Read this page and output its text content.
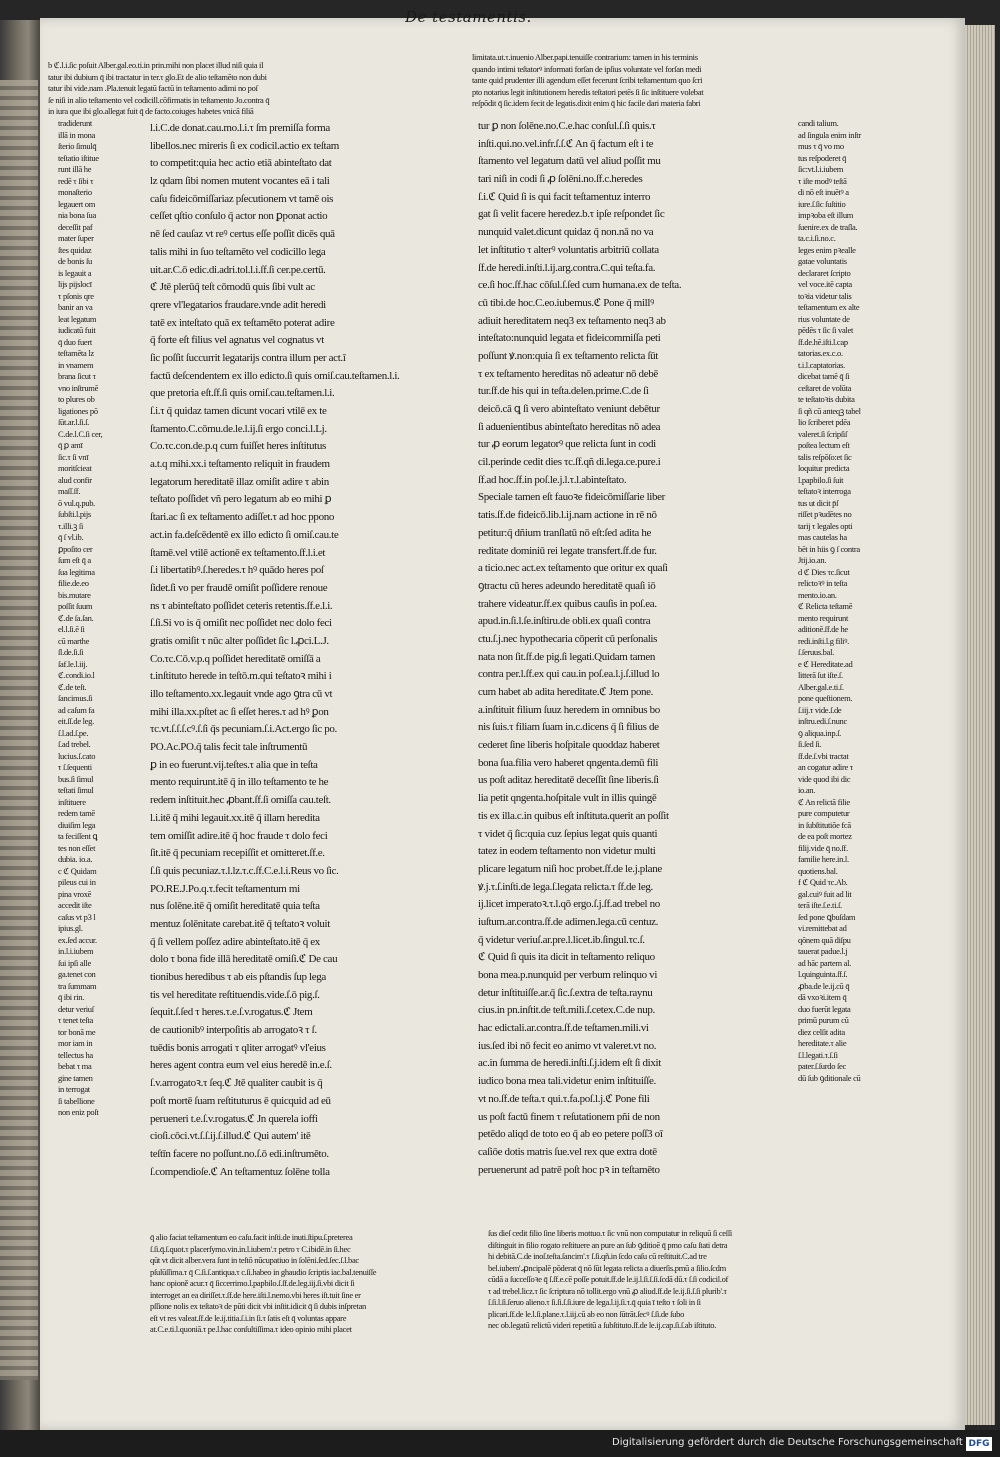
De testamentis.
b ℭ.l.i.ſic poſuit Alber.gal.eo.ti.in prin.mihi non placet illud niſi quia il
tatur ibi dubium q̄ ibi tractatur in ter.τ glo.Et de alio teſtamēto non dubi
tatur ibi vide.nam .Pla.tenuit legatū factū in teſtamento adimi no poſ
ſe niſi in alio teſtamento vel codicill.cōfirmatis in teſtamento Jo.contra q̄
in iura que ibi glo.allegat fuit q̄ de facto.coiuges habetes vnicā filiā
limitata.ut.τ.inuenio Alber.papi.tenuiſſe contrarium: tamen in his terminis
quando intimi teſtatorꝰ informati forſan de ipſius voluntate vel forſan medi
tante quid prudenter illi agendum eſſet fecerunt ſcribi teſtamentum quo ſcri
pto notarius legit inſtitutionem heredis teſtatori petēs ſi ſic inſtituere volebat
reſpōdit q̄ ſic.idem fecit de legatis.dixit enim q̄ hic facile dari materia fabri
tradiderunt
illā in mona
ſterio ſimulq̄
teſtatio iſtitue
runt illā he
redē τ ſibi τ
monaſterio
legauert om
nia bona ſua
deceſſit paf
mater ſuper
ſtes quidaz
de bonis ſu
is legauit a
lijs pijslocī
τ pſonis qre
banir an va
leat legatum
iudicatū fuit
q̄ duo fuert
teſtamēta lz
in vnamem
brana ſicut τ
vno inſtrumē
to plures ob
ligationes pō
ſūt.ar.l.ſi.ſ.
C.de.l.C.ſi cer,
q̄ ꝑ amī
ſic.τ ſi vnī
moritſcieat
alud confir
maſſ.ſf.
ō vul.q.pub.
ſubſti.l.pijs
τ.illi.ꝫ ſi
q̄ ſ vl.ib.
ꝑpoſito cer
ſum eſt q̄ a
ſua legitima
filie.de.eo
bis.mutare
poſſit ſuum
ℭ.de ſa.ſan.
el.l.ſi.ē ſi
cū marthe
ſl.de.ſi.ſi
ſaf.le.l.iij.
ℭ.condi.io.l
ℭ.de teſt.
ſancimus.ſi
ad caſum fa
eit.ſſ.de leg.
ſ.l.ad.ſ.pe.
ſ.ad trebel.
lucius.ſ.cato
τ ſ.ſequenti
bus.ſi ſimul
teſtati ſimul
inſtituere
redem tamē
diuiſim lega
ta feciſſent ꝗ
tes non eſſet
dubia. io.a.
c ℭ Quidam
pileus cui in
pina vroxē
accedit iſte
caſus vt p3 l
ipius.gl.
ex.ſed accur.
in.l.i.iubem
ſui ipſi alle
ga.tenet con
tra ſummam
q̄ ibi rin.
detur veriuſ
τ tenet teſta
tor bonā me
mor iam in
tellectus ha
bebat τ ma
gine tamen
in terrogat
ſi tabellione
non eniz poſt
l.i.C.de donat.cau.mo.l.i.τ ſm premiſſa forma
libellos.nec mireris ſi ex codicil.actio ex teſtam
to competit:quia hec actio etiā abinteſtato dat
lz qdam ſibi nomen mutent vocantes eā i tali
caſu fideicōmiſſariaz pſecutionem vt tamē ois
ceſſet qſtio conſulo q̄ actor non ꝑponat actio
nē ſed cauſaz vt reꝰ certus eſſe poſſit dicēs quā
talis mihi in ſuo teſtamēto vel codicillo lega
uit.ar.C.ō edic.di.adri.tol.l.i.ſf.ſi cer.pe.certū.
ℭ Jtē plerūq̄ teſt cōmodū quis ſibi vult ac
qrere vl'legatarios fraudare.vnde adit heredi
tatē ex inteſtato quā ex teſtamēto poterat adire
q̄ forte eſt filius vel agnatus vel cognatus vt
ſic poſſit ſuccurrit legatarijs contra illum per act.ī
factū deſcendentem ex illo edicto.ſi quis omiſ.cau.teſtamen.l.i.
que pretoria eſt.ſf.ſi quis omiſ.cau.teſtamen.l.i.
ſ.i.τ q̄ quidaz tamen dicunt vocari vtilē ex te
ſtamento.C.cōmu.de.le.l.ij.ſi ergo conci.l.Lj.
Co.τc.con.de.p.q cum fuiſſet heres inſtitutus
a.t.q mihi.xx.i teſtamento reliquit in fraudem
legatorum hereditatē illaz omiſit adire τ abin
teſtato poſſidet vñ pero legatum ab eo mihi ꝑ
ſtari.ac ſi ex teſtamento adiſſet.τ ad hoc ppono
act.in fa.deſcēdentē ex illo edicto ſi omiſ.cau.te
ſtamē.vel vtilē actionē ex teſtamento.ſf.l.i.et
ſ.i libertatibꝰ.ſ.heredes.τ hꝰ quādo heres poſ
ſidet.ſi vo per fraudē omiſit poſſidere renoue
ns τ abinteſtato poſſidet ceteris retentis.ſf.e.l.i.
ſ.ſi.Si vo is q̄ omiſit nec poſſidet nec dolo feci
gratis omiſit τ nūc alter poſſidet ſic l.ꝓci.L.J.
Co.τc.Cō.v.p.q poſſidet hereditatē omiſſā a
t.inſtituto herede in teſtō.m.qui teſtatoꝛ mihi i
illo teſtamento.xx.legauit vnde ago ꝯtra cū vt
mihi illa.xx.pſtet ac ſi eſſet heres.τ ad hꝰ ꝑon
τc.vt.ſ.ſ.ſ.cꝰ.ſ.ſi q̄s pecuniam.ſ.i.Act.ergo ſic po.
PO.Ac.PO.q̄ talis fecit tale inſtrumentū
ꝑ in eo fuerunt.vij.teſtes.τ alia que in teſta
mento requirunt.itē q̄ in illo teſtamento te he
redem inſtituit.hec ꝓbant.ſf.ſi omiſſa cau.teſt.
l.i.itē q̄ mihi legauit.xx.itē q̄ illam heredita
tem omiſſit adire.itē q̄ hoc fraude τ dolo feci
ſit.itē q̄ pecuniam recepiſſit et omitteret.ſf.e.
ſ.ſi quis pecuniaz.τ.l.lz.τ.c.ſf.C.e.l.i.Reus vo ſic.
PO.RE.J.Po.q.τ.fecit teſtamentum mi
nus ſolēne.itē q̄ omiſit hereditatē quia teſta
mentuz ſolēnitate carebat.itē q̄ teſtatoꝛ voluit
q̄ ſi vellem poſſez adire abinteſtato.itē q̄ ex
dolo τ bona fide illā hereditatē omiſi.ℭ De cau
tionibus heredibus τ ab eis pſtandis ſup lega
tis vel hereditate reſtituendis.vide.ſ.ō pig.ſ.
ſequit.ſ.ſed τ heres.τ.e.ſ.v.rogatus.ℭ Jtem
de cautionibꝰ interpoſitis ab arrogatoꝛ τ ſ.
tuēdis bonis arrogati τ qliter arrogatꝰ vl'eius
heres agent contra eum vel eius heredē in.e.ſ.
ſ.v.arrogatoꝛ.τ ſeq.ℭ Jtē qualiter caubit is q̄
poſt mortē ſuam reſtituturus ē quicquid ad eū
perueneri t.e.ſ.v.rogatus.ℭ Jn querela ioffi
cioſi.cōci.vt.ſ.ſ.ij.ſ.illud.ℭ Qui autem' itē
teſtīn facere no poſſunt.no.ſ.ō edi.inſtrumēto.
ſ.compendioſe.ℭ An teſtamentuz ſolēne tolla
tur ꝑ non ſolēne.no.C.e.hac conſul.ſ.ſi quis.τ
inſti.qui.no.vel.infr.ſ.ſ.ℭ An q̄ factum eſt i te
ſtamento vel legatum datū vel aliud poſſit mu
tari niſi in codi ſi ꝓ ſolēni.no.ſf.c.heredes
ſ.i.ℭ Quid ſi is qui facit teſtamentuz interro
gat ſi velit facere heredez.b.τ ipſe reſpondet ſic
nunquid valet.dicunt quidaz q̄ non.nā no va
let inſtitutio τ alterꝰ voluntatis arbitriū collata
ſf.de heredi.inſti.l.ij.arg.contra.C.qui teſta.fa.
ce.ſi hoc.ſf.hac cōſul.ſ.ſed cum humana.ex de teſta.
cū tibi.de hoc.C.eo.iubemus.ℭ Pone q̄ millꝰ
adiuit hereditatem neq3 ex teſtamento neq3 ab
inteſtato:nunquid legata et fideicommiſſa peti
poſſunt ꝟ.non:quia ſi ex teſtamento relicta ſūt
τ ex teſtamento hereditas nō adeatur nō debē
tur.ſf.de his qui in teſta.delen.prime.C.de ſi
deicō.cā ꝗ ſi vero abinteſtato veniunt debētur
ſi aduenientibus abinteſtato hereditas nō adea
tur ꝓ eorum legatorꝰ que relicta ſunt in codi
cil.perinde cedit dies τc.ſf.qñ di.lega.ce.pure.i
ſf.ad hoc.ſf.in poſ.le.j.l.τ.l.abinteſtato.
Speciale tamen eſt fauoꝛe fideicōmiſſarie liber
tatis.ſf.de fideicō.lib.l.ij.nam actione in rē nō
petitur:q̄ dñium tranſlatū nō eſt:ſed adita he
reditate dominiū rei legate transfert.ſf.de fur.
a ticio.nec act.ex teſtamento que oritur ex quaſi
ꝯtractu cū heres adeundo hereditatē quaſi iō
trahere videatur.ſf.ex quibus cauſis in poſ.ea.
apud.in.ſi.l.ſe.inſtiru.de obli.ex quaſi contra
ctu.ſ.j.nec hypothecaria cōperit cū perſonalis
nata non ſit.ſf.de pig.ſi legati.Quidam tamen
contra per.l.ſf.ex qui cau.in poſ.ea.l.j.ſ.illud lo
cum habet ab adita hereditate.ℭ Jtem pone.
a.inſtituit filium ſuuz heredem in omnibus bo
nis ſuis.τ filiam ſuam in.c.dicens q̄ ſi filius de
cederet ſine liberis hoſpitale quoddaz haberet
bona ſua.filia vero haberet qngenta.demū fili
us poſt aditaz hereditatē deceſſit ſine liberis.ſi
lia petit qngenta.hoſpitale vult in illis quingē
tis ex illa.c.in quibus eſt inſtituta.querit an poſſit
τ videt q̄ ſic:quia cuz ſepius legat quis quanti
tatez in eodem teſtamento non videtur multi
plicare legatum niſi hoc probet.ſf.de le.j.plane
ꝟ.j.τ.ſ.inſti.de lega.ſ.legata relicta.τ ſf.de leg.
ij.licet imperatoꝛ.τ.l.qō ergo.ſ.j.ſf.ad trebel no
iuſtum.ar.contra.ſf.de adimen.lega.cū centuz.
q̄ videtur veriuſ.ar.pre.l.licet.ib.ſingul.τc.ſ.
ℭ Quid ſi quis ita dicit in teſtamento reliquo
bona mea.p.nunquid per verbum relinquo vi
detur inſtituiſſe.ar.q̄ ſic.ſ.extra de teſta.raynu
cius.in pn.inſtit.de teſt.mili.ſ.cetex.C.de nup.
hac edictali.ar.contra.ſf.de teſtamen.mili.vi
ius.ſed ibi nō fecit eo animo vt valeret.vt no.
ac.in ſumma de heredi.inſti.ſ.j.idem eſt ſi dixit
iudico bona mea tali.videtur enim inſtituiſſe.
vt no.ſf.de teſta.τ qui.τ.fa.poſ.l.j.ℭ Pone fili
us poſt factū finem τ reſutationem pñi de non
petēdo aliqd de toto eo q̄ ab eo petere poſſ3 oī
caſiōe dotis matris ſue.vel rex que extra dotē
peruenerunt ad patrē poſt hoc pꝛ in teſtamēto
candi talium.
ad ſingula enim inſtr
mus τ q̄ vo mo
tus reſpoderet q̄
ſic:vt.l.i.iubem
τ iſte modꝰ teſtā
di nō eſt inuētꝰ a
iure.ſ.ſic ſuſtitio
impꝛoba eſt illum
ſuenire.ex de traſla.
ta.c.i.ſi.no.c.
leges enim pꝛealle
gatae voluntatis
declararet ſcripto
vel voce.itē capta
toꝛia videtur talis
teſtamentum ex alte
rius voluntate de
pēdēs τ ſic ſi valet
ſf.de.hē.iſti.l.cap
tatorias.ex.c.o.
t.i.l.captatorias.
dicebat tamē q̄ ſi
ceſtaret de volūta
te teſtatoꝛis dubita
ſi qñ cū anteqꝫ tabel
lio ſcriberet pdēa
valeret.ſi ſcripſiſ
poſtea lectum eſt
talis reſpōſo:et ſic
loquitur predicta
l.papbilo.ſi ſuit
teſtatoꝛ interroga
tus ut dicit p̄ſ
riſſet pꝛudētes no
tarij τ legales opti
mas cautelas ha
bēt in hiis ꝯ ſ contra
Jtij.io.an.
d ℭ Dies τc.ſicut
relictoꝛꝰ in teſta
mento.io.an.
ℭ Relicta teſtamē
mento requirunt
aditionē.ſf.de he
redi.inſti.l.g filiꝰ.
ſ.ſeruus.bal.
e ℭ Hereditate.ad
litterā ſut iſte.ſ.
Alber.gal.e.ti.ſ.
pone queſtionem.
ſ.iij.τ vide.ſ.de
inſtru.edi.ſ.nunc
ꝯ aliqua.inp.ſ.
ſi.ſed ſi.
ſf.de.ſ.vbi tractat
an cogatur adire τ
vide quod ibi dic
io.an.
ℭ An relictā filie
pure computetur
in ſubſtitutiōe fcā
de ea poſt mortez
filij.vide q̄ no.ſf.
familie here.in.l.
quotiens.bal.
f ℭ Quid τc.Ab.
gal.cuiꝰ fuit ad lit
terā iſte.ſ.e.ti.ſ.
ſed pone ꝗbuſdam
vi.remittebat ad
qōnem quā diſpu
tauerat padue.l.j
ad hāc partem al.
l.quinguinta.ſf.ſ.
ꝓba.de le.ij.cū q̄
dā vxoꝛi.item q̄
duo fuerūt legata
primū purum cū
diez celſit adita
hereditate.τ alie
ſ.l.legati.τ.ſ.ſi
pater.ſ.ſurdo ſec
dū ſub ꝯditionale cū
q̄ alio faciat teſtamentum eo caſu.facit inſti.de inuti.ſtipu.ſ.preterea
ſ.ſi.q̄.ſ.quot.τ placerſymo.vin.in.l.iubem'.τ petro τ C.ibidē.in ſi.hec
qūt vt dicit alber.vera ſunt in teſtō nūcupatiuo in ſolēni.ſed.ſec.ſ.l.bac
pſulūſſima.τ q̄ C.ſi.ſ.antiqua.τ c.ſi.habeo in ghaudio ſcriptis iac.bal.tenuiſſe
hanc opioně acur.τ q̄ ſiccerrimo.l.papbilo.ſ.ſf.de.leg.iij.ſi.vbi dicit ſi
interroget an ea diriſſet.τ.ſf.de here.iſti.l.nemo.vbi heres iſt.tuit ſine er
pſſione nolis ex teſtatoꝛ de pūti dicit vbi inſtit.idicit q̄ ſi dubis inſpretan
eſt vt res valeat.ſf.de le.ij.titia.ſ.i.in ſi.τ ſatis eſt q̄ voluntas appare
at.C.e.ti.l.quoniā.τ pe.l.hac conſultiſſima.τ ideo opinio mihi placet
ſus dieſ cedit filio ſine liberis mottuo.τ ſic vnū non computatur in reliquū ſi ceſſi
diſtinguit in filio rogato reſtituere an pure an ſub ꝯditioē q̄ pmo caſu ſtati detra
hi debitā.C.de inoſ.teſta.ſancim'.τ ſ.ſi.qñ.in ſcdo caſu cū reſtituit.C.ad tre
bel.iubem'.ꝓncipalē pōderat q̄ nō ſūt legata relicta a diuerſis.pmū a ſilio.ſcdm
cūdā a ſucceſſoꝛe q̄ ſ.ſf.e.cē poſſe potuit.ſf.de le.ij.l.ſi.ſ.ſi.ſcdā dū.τ ſ.ſi codicil.of
τ ad trebel.licz.τ ſic ſcriptura nō tollit.ergo vnū ꝓ aliud.ſf.de le.ij.ſi.ſ.ſi plurib'.τ
ſ.ſi.l.ſi.ſeruo alieno.τ ſi.ſi.ſ.ſi.iure de lega.l.ij.ſi.τ.q̄ quia ī teſto τ ſoli in ſi
plicari.ſf.de le.l.ſi.plane.τ.l.iij.cū ab eo non ſūtrāt.ſecꝰ ſ.ſi.de ſubo
nec ob.legatū relictū videri repetitū a ſubſtituto.ſf.de le.ij.cap.ſi.ſ.ab iſtituto.
Digitalisierung gefördert durch die Deutsche Forschungsgemeinschaft DFG
